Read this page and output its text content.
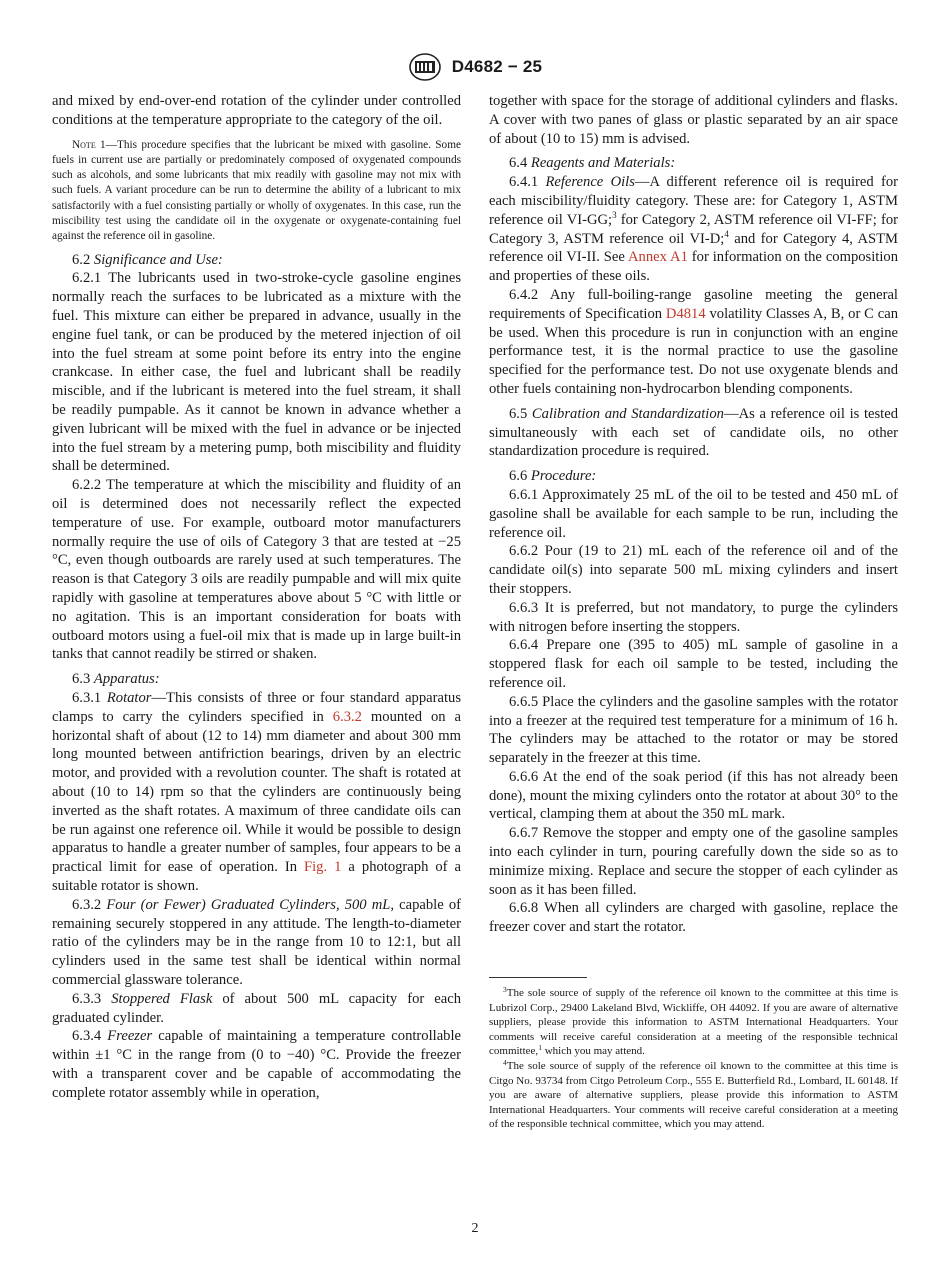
D4682 − 25

and mixed by end-over-end rotation of the cylinder under controlled conditions at the temperature appropriate to the category of the oil.

Note 1—This procedure specifies that the lubricant be mixed with gasoline. Some fuels in current use are partially or predominately composed of oxygenated compounds such as alcohols, and some lubricants that mix readily with gasoline may not mix with such fuels. A variant procedure can be run to determine the ability of a lubricant to mix satisfactorily with a fuel consisting partially or wholly of oxygenates. In this case, run the miscibility test using the candidate oil in the oxygenate or oxygenate-containing fuel against the reference oil in gasoline.

6.2 Significance and Use:

6.2.1 The lubricants used in two-stroke-cycle gasoline engines normally reach the surfaces to be lubricated as a mixture with the fuel. This mixture can either be prepared in advance, usually in the engine fuel tank, or can be produced by the metered injection of oil into the fuel stream at some point before its entry into the engine crankcase. In either case, the fuel and lubricant shall be readily miscible, and if the lubricant is metered into the fuel stream, it shall be readily pumpable. As it cannot be known in advance whether a given lubricant will be mixed with the fuel in advance or be injected into the fuel stream by a metering pump, both miscibility and fluidity shall be determined.

6.2.2 The temperature at which the miscibility and fluidity of an oil is determined does not necessarily reflect the expected temperature of use. For example, outboard motor manufacturers normally require the use of oils of Category 3 that are tested at −25 °C, even though outboards are rarely used at such temperatures. The reason is that Category 3 oils are readily pumpable and will mix quite rapidly with gasoline at temperatures above about 5 °C with little or no agitation. This is an important consideration for boats with outboard motors using a fuel-oil mix that is made up in large built-in tanks that cannot readily be stirred or shaken.

6.3 Apparatus:

6.3.1 Rotator—This consists of three or four standard apparatus clamps to carry the cylinders specified in 6.3.2 mounted on a horizontal shaft of about (12 to 14) mm diameter and about 300 mm long mounted between antifriction bearings, driven by an electric motor, and provided with a revolution counter. The shaft is rotated at about (10 to 14) rpm so that the cylinders are continuously being inverted as the shaft rotates. A maximum of three candidate oils can be run against one reference oil. While it would be possible to design apparatus to handle a greater number of samples, four appears to be a practical limit for ease of operation. In Fig. 1 a photograph of a suitable rotator is shown.

6.3.2 Four (or Fewer) Graduated Cylinders, 500 mL, capable of remaining securely stoppered in any attitude. The length-to-diameter ratio of the cylinders may be in the range from 10 to 12:1, but all cylinders used in the same test shall be identical within normal commercial glassware tolerance.

6.3.3 Stoppered Flask of about 500 mL capacity for each graduated cylinder.

6.3.4 Freezer capable of maintaining a temperature controllable within ±1 °C in the range from (0 to −40) °C. Provide the freezer with a transparent cover and be capable of accommodating the complete rotator assembly while in operation,

together with space for the storage of additional cylinders and flasks. A cover with two panes of glass or plastic separated by an air space of about (10 to 15) mm is advised.

6.4 Reagents and Materials:

6.4.1 Reference Oils—A different reference oil is required for each miscibility/fluidity category. These are: for Category 1, ASTM reference oil VI-GG;$^3$ for Category 2, ASTM reference oil VI-FF; for Category 3, ASTM reference oil VI-D;$^4$ and for Category 4, ASTM reference oil VI-II. See Annex A1 for information on the composition and properties of these oils.

6.4.2 Any full-boiling-range gasoline meeting the general requirements of Specification D4814 volatility Classes A, B, or C can be used. When this procedure is run in conjunction with an engine performance test, it is the normal practice to use the gasoline specified for the performance test. Do not use oxygenate blends and other fuels containing non-hydrocarbon blending components.

6.5 Calibration and Standardization—As a reference oil is tested simultaneously with each set of candidate oils, no other standardization procedure is required.

6.6 Procedure:

6.6.1 Approximately 25 mL of the oil to be tested and 450 mL of gasoline shall be available for each sample to be run, including the reference oil.

6.6.2 Pour (19 to 21) mL each of the reference oil and of the candidate oil(s) into separate 500 mL mixing cylinders and insert their stoppers.

6.6.3 It is preferred, but not mandatory, to purge the cylinders with nitrogen before inserting the stoppers.

6.6.4 Prepare one (395 to 405) mL sample of gasoline in a stoppered flask for each oil sample to be tested, including the reference oil.

6.6.5 Place the cylinders and the gasoline samples with the rotator into a freezer at the required test temperature for a minimum of 16 h. The cylinders may be attached to the rotator or may be stored separately in the freezer at this time.

6.6.6 At the end of the soak period (if this has not already been done), mount the mixing cylinders onto the rotator at about 30° to the vertical, clamping them at about the 350 mL mark.

6.6.7 Remove the stopper and empty one of the gasoline samples into each cylinder in turn, pouring carefully down the side so as to minimize mixing. Replace and secure the stopper of each cylinder as soon as it has been filled.

6.6.8 When all cylinders are charged with gasoline, replace the freezer cover and start the rotator.

$^3$The sole source of supply of the reference oil known to the committee at this time is Lubrizol Corp., 29400 Lakeland Blvd, Wickliffe, OH 44092. If you are aware of alternative suppliers, please provide this information to ASTM International Headquarters. Your comments will receive careful consideration at a meeting of the responsible technical committee,$^1$ which you may attend.

$^4$The sole source of supply of the reference oil known to the committee at this time is Citgo No. 93734 from Citgo Petroleum Corp., 555 E. Butterfield Rd., Lombard, IL 60148. If you are aware of alternative suppliers, please provide this information to ASTM International Headquarters. Your comments will receive careful consideration at a meeting of the responsible technical committee, which you may attend.

2
